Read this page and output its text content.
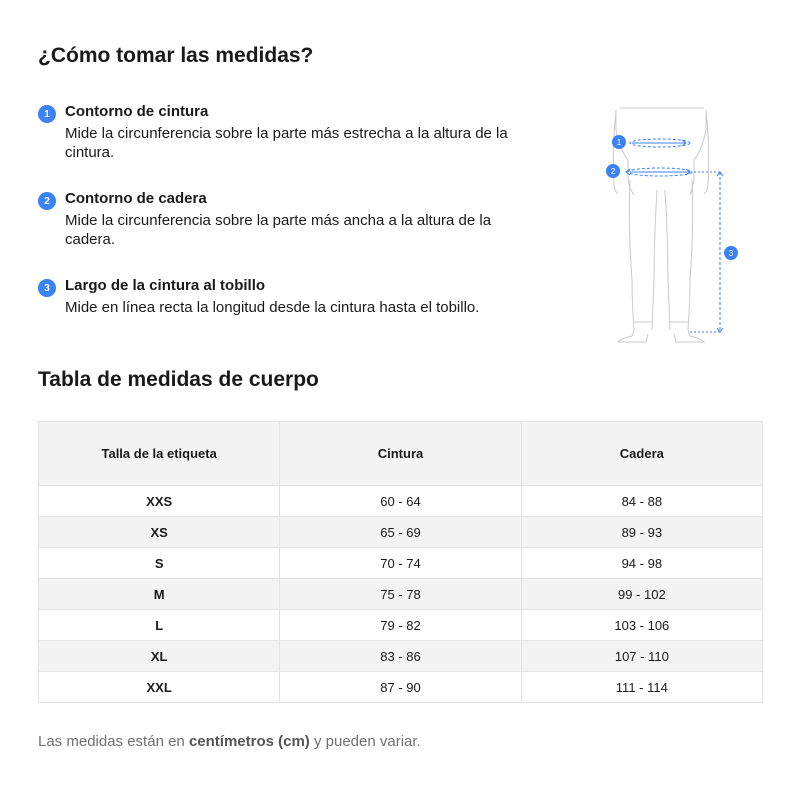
¿Cómo tomar las medidas?
1	Contorno de cintura
Mide la circunferencia sobre la parte más estrecha a la altura de la cintura.
2	Contorno de cadera
Mide la circunferencia sobre la parte más ancha a la altura de la cadera.
3	Largo de la cintura al tobillo
Mide en línea recta la longitud desde la cintura hasta el tobillo.
1
2
3
Tabla de medidas de cuerpo
Talla de la etiqueta	Cintura	Cadera
XXS	60 - 64	84 - 88
XS	65 - 69	89 - 93
S	70 - 74	94 - 98
M	75 - 78	99 - 102
L	79 - 82	103 - 106
XL	83 - 86	107 - 110
XXL	87 - 90	111 - 114
Las medidas están en centímetros (cm) y pueden variar.
